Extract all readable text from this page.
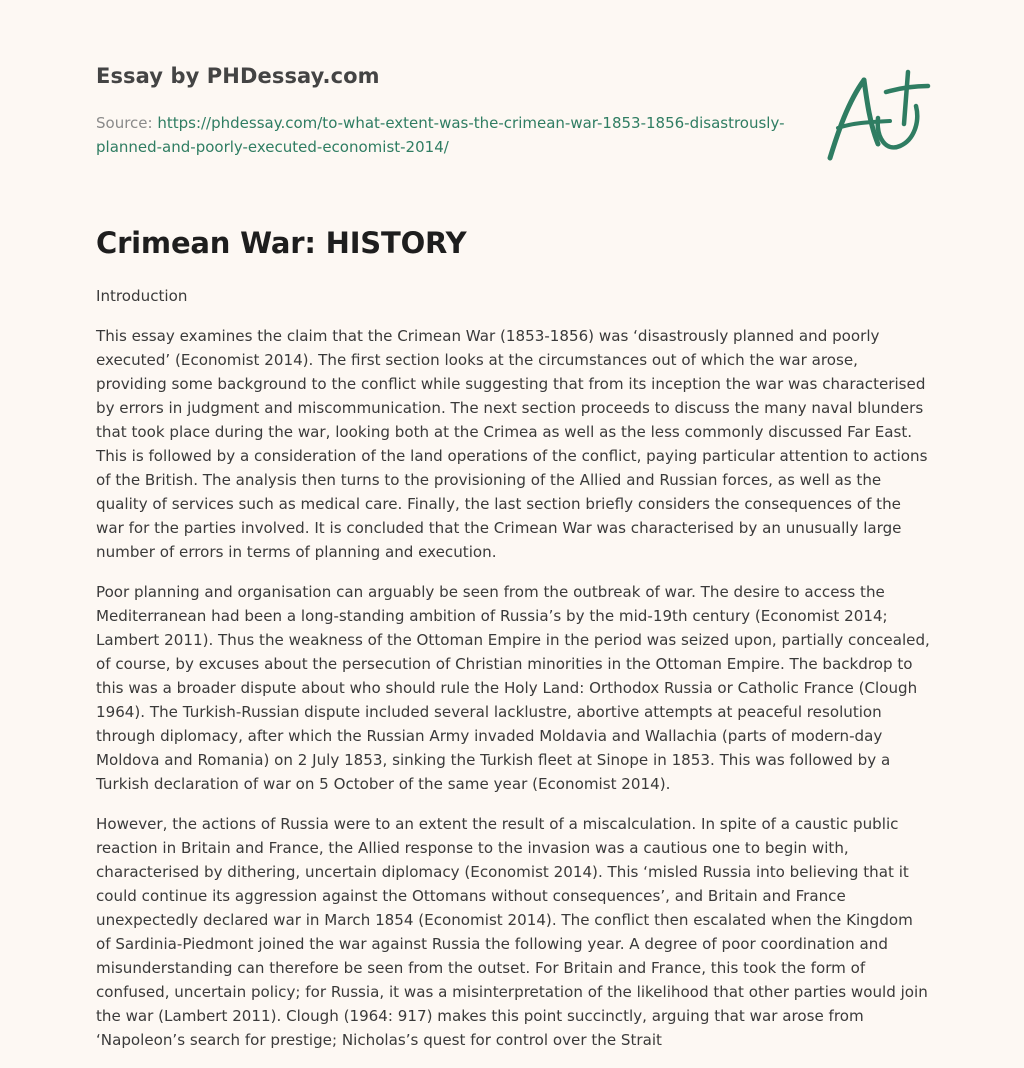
Essay by PHDessay.com

Source: https://phdessay.com/to-what-extent-was-the-crimean-war-1853-1856-disastrously-planned-and-poorly-executed-economist-2014/

Crimean War: HISTORY

Introduction

This essay examines the claim that the Crimean War (1853-1856) was ‘disastrously planned and poorly executed’ (Economist 2014). The first section looks at the circumstances out of which the war arose, providing some background to the conflict while suggesting that from its inception the war was characterised by errors in judgment and miscommunication. The next section proceeds to discuss the many naval blunders that took place during the war, looking both at the Crimea as well as the less commonly discussed Far East. This is followed by a consideration of the land operations of the conflict, paying particular attention to actions of the British. The analysis then turns to the provisioning of the Allied and Russian forces, as well as the quality of services such as medical care. Finally, the last section briefly considers the consequences of the war for the parties involved. It is concluded that the Crimean War was characterised by an unusually large number of errors in terms of planning and execution.

Poor planning and organisation can arguably be seen from the outbreak of war. The desire to access the Mediterranean had been a long-standing ambition of Russia’s by the mid-19th century (Economist 2014; Lambert 2011). Thus the weakness of the Ottoman Empire in the period was seized upon, partially concealed, of course, by excuses about the persecution of Christian minorities in the Ottoman Empire. The backdrop to this was a broader dispute about who should rule the Holy Land: Orthodox Russia or Catholic France (Clough 1964). The Turkish-Russian dispute included several lacklustre, abortive attempts at peaceful resolution through diplomacy, after which the Russian Army invaded Moldavia and Wallachia (parts of modern-day Moldova and Romania) on 2 July 1853, sinking the Turkish fleet at Sinope in 1853. This was followed by a Turkish declaration of war on 5 October of the same year (Economist 2014).

However, the actions of Russia were to an extent the result of a miscalculation. In spite of a caustic public reaction in Britain and France, the Allied response to the invasion was a cautious one to begin with, characterised by dithering, uncertain diplomacy (Economist 2014). This ‘misled Russia into believing that it could continue its aggression against the Ottomans without consequences’, and Britain and France unexpectedly declared war in March 1854 (Economist 2014). The conflict then escalated when the Kingdom of Sardinia-Piedmont joined the war against Russia the following year. A degree of poor coordination and misunderstanding can therefore be seen from the outset. For Britain and France, this took the form of confused, uncertain policy; for Russia, it was a misinterpretation of the likelihood that other parties would join the war (Lambert 2011). Clough (1964: 917) makes this point succinctly, arguing that war arose from ‘Napoleon’s search for prestige; Nicholas’s quest for control over the Strait
